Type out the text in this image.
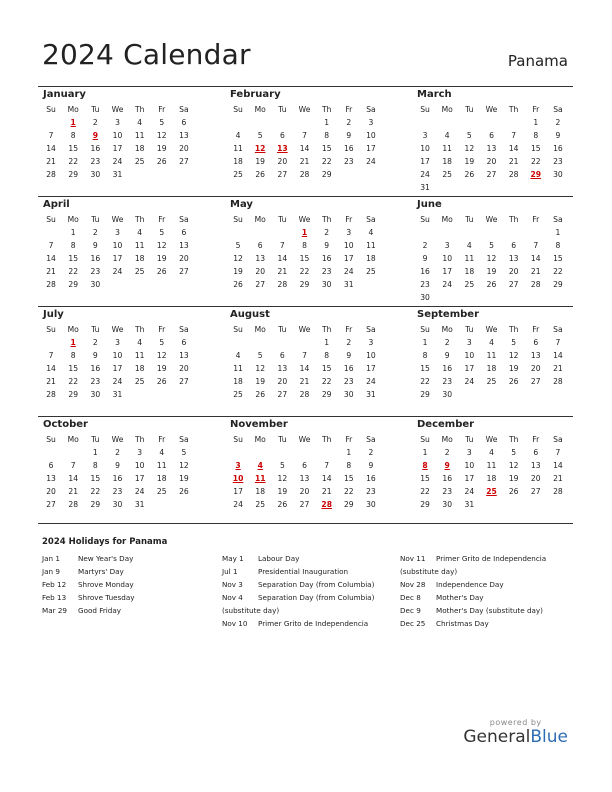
2024 Calendar	Panama
January
Su	Mo	Tu	We	Th	Fr	Sa
	1	2	3	4	5	6
7	8	9	10	11	12	13
14	15	16	17	18	19	20
21	22	23	24	25	26	27
28	29	30	31			
February
Su	Mo	Tu	We	Th	Fr	Sa
				1	2	3
4	5	6	7	8	9	10
11	12	13	14	15	16	17
18	19	20	21	22	23	24
25	26	27	28	29		
March
Su	Mo	Tu	We	Th	Fr	Sa
					1	2
3	4	5	6	7	8	9
10	11	12	13	14	15	16
17	18	19	20	21	22	23
24	25	26	27	28	29	30
31						
April
Su	Mo	Tu	We	Th	Fr	Sa
	1	2	3	4	5	6
7	8	9	10	11	12	13
14	15	16	17	18	19	20
21	22	23	24	25	26	27
28	29	30				
May
Su	Mo	Tu	We	Th	Fr	Sa
			1	2	3	4
5	6	7	8	9	10	11
12	13	14	15	16	17	18
19	20	21	22	23	24	25
26	27	28	29	30	31	
June
Su	Mo	Tu	We	Th	Fr	Sa
						1
2	3	4	5	6	7	8
9	10	11	12	13	14	15
16	17	18	19	20	21	22
23	24	25	26	27	28	29
30						
July
Su	Mo	Tu	We	Th	Fr	Sa
	1	2	3	4	5	6
7	8	9	10	11	12	13
14	15	16	17	18	19	20
21	22	23	24	25	26	27
28	29	30	31			
August
Su	Mo	Tu	We	Th	Fr	Sa
				1	2	3
4	5	6	7	8	9	10
11	12	13	14	15	16	17
18	19	20	21	22	23	24
25	26	27	28	29	30	31
September
Su	Mo	Tu	We	Th	Fr	Sa
1	2	3	4	5	6	7
8	9	10	11	12	13	14
15	16	17	18	19	20	21
22	23	24	25	26	27	28
29	30					
October
Su	Mo	Tu	We	Th	Fr	Sa
		1	2	3	4	5
6	7	8	9	10	11	12
13	14	15	16	17	18	19
20	21	22	23	24	25	26
27	28	29	30	31		
November
Su	Mo	Tu	We	Th	Fr	Sa
					1	2
3	4	5	6	7	8	9
10	11	12	13	14	15	16
17	18	19	20	21	22	23
24	25	26	27	28	29	30
December
Su	Mo	Tu	We	Th	Fr	Sa
1	2	3	4	5	6	7
8	9	10	11	12	13	14
15	16	17	18	19	20	21
22	23	24	25	26	27	28
29	30	31				
2024 Holidays for Panama
Jan 1	New Year's Day
Jan 9	Martyrs' Day
Feb 12 Shrove Monday
Feb 13 Shrove Tuesday
Mar 29 Good Friday
May 1 Labour Day
Jul 1	Presidential Inauguration
Nov 3 Separation Day (from Columbia)
Nov 4 Separation Day (from Columbia)
(substitute day)
Nov 10 Primer Grito de Independencia
Nov 11 Primer Grito de Independencia
(substitute day)
Nov 28 Independence Day
Dec 8 Mother's Day
Dec 9 Mother's Day (substitute day)
Dec 25 Christmas Day
powered by
GeneralBlue
